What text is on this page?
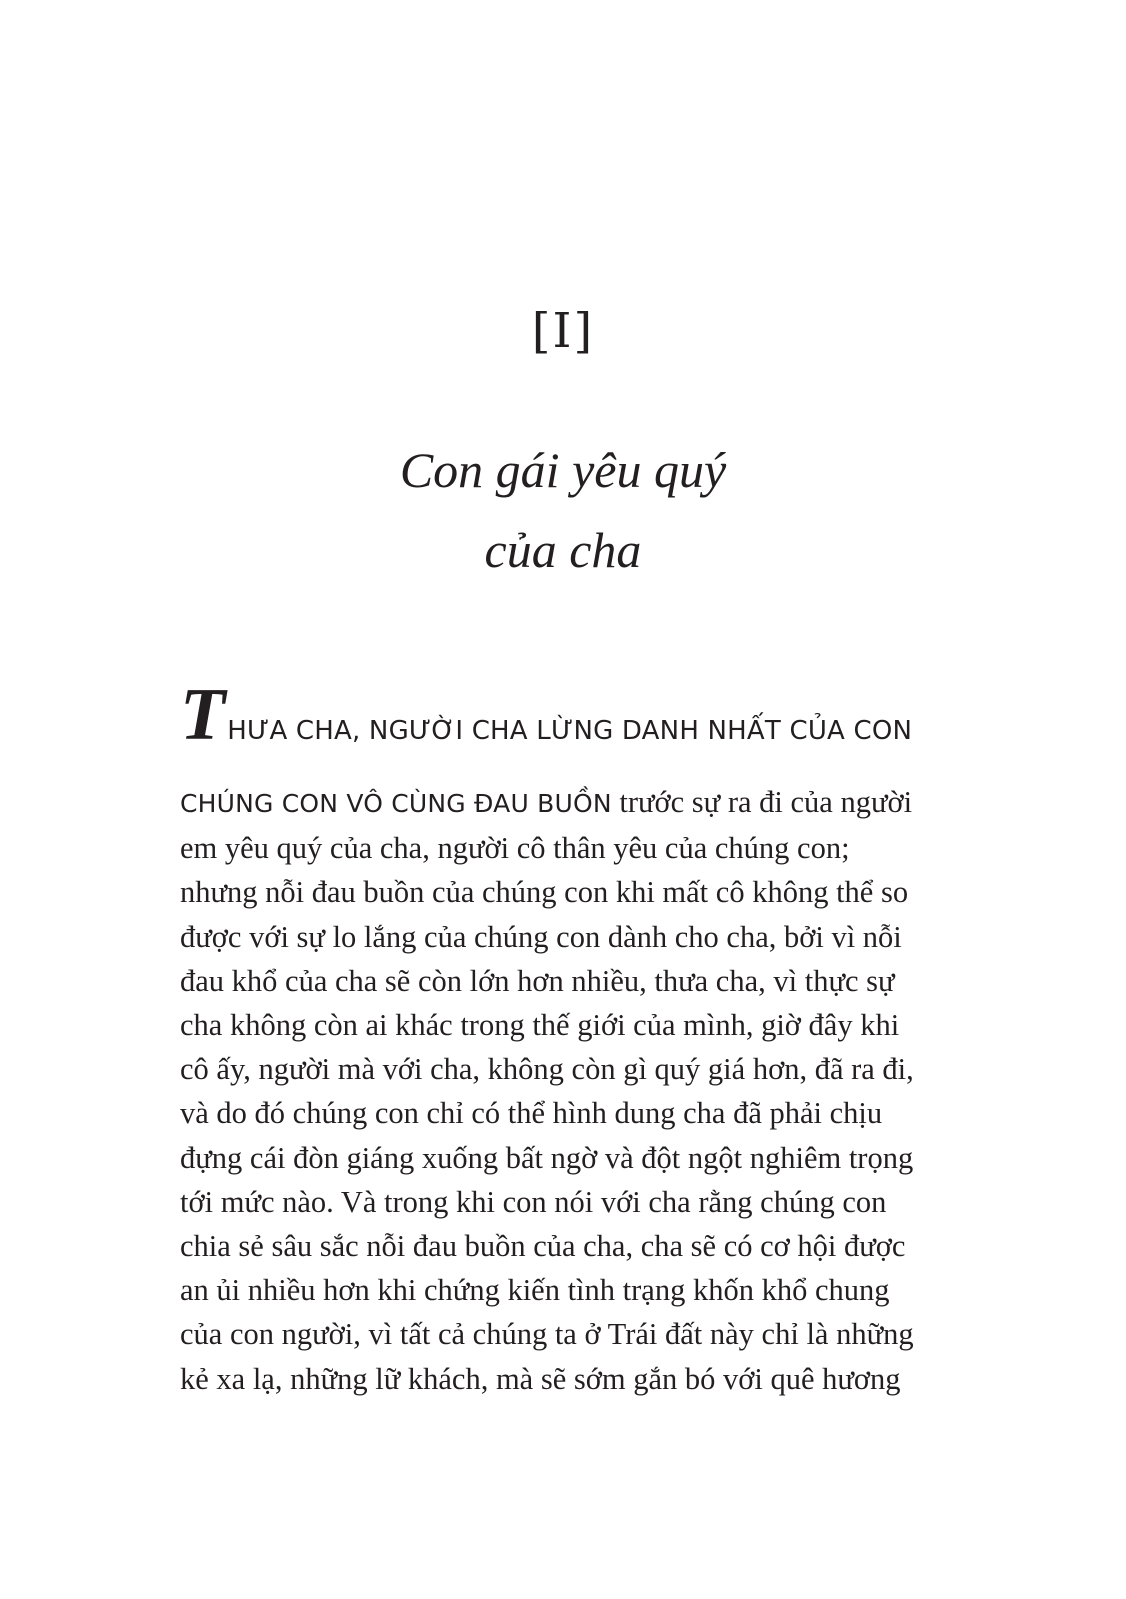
[I]
Con gái yêu quý
của cha
THƯA CHA, NGƯỜI CHA LỪNG DANH NHẤT CỦA CON
CHÚNG CON VÔ CÙNG ĐAU BUỒN trước sự ra đi của người
em yêu quý của cha, người cô thân yêu của chúng con;
nhưng nỗi đau buồn của chúng con khi mất cô không thể so
được với sự lo lắng của chúng con dành cho cha, bởi vì nỗi
đau khổ của cha sẽ còn lớn hơn nhiều, thưa cha, vì thực sự
cha không còn ai khác trong thế giới của mình, giờ đây khi
cô ấy, người mà với cha, không còn gì quý giá hơn, đã ra đi,
và do đó chúng con chỉ có thể hình dung cha đã phải chịu
đựng cái đòn giáng xuống bất ngờ và đột ngột nghiêm trọng
tới mức nào. Và trong khi con nói với cha rằng chúng con
chia sẻ sâu sắc nỗi đau buồn của cha, cha sẽ có cơ hội được
an ủi nhiều hơn khi chứng kiến tình trạng khốn khổ chung
của con người, vì tất cả chúng ta ở Trái đất này chỉ là những
kẻ xa lạ, những lữ khách, mà sẽ sớm gắn bó với quê hương
